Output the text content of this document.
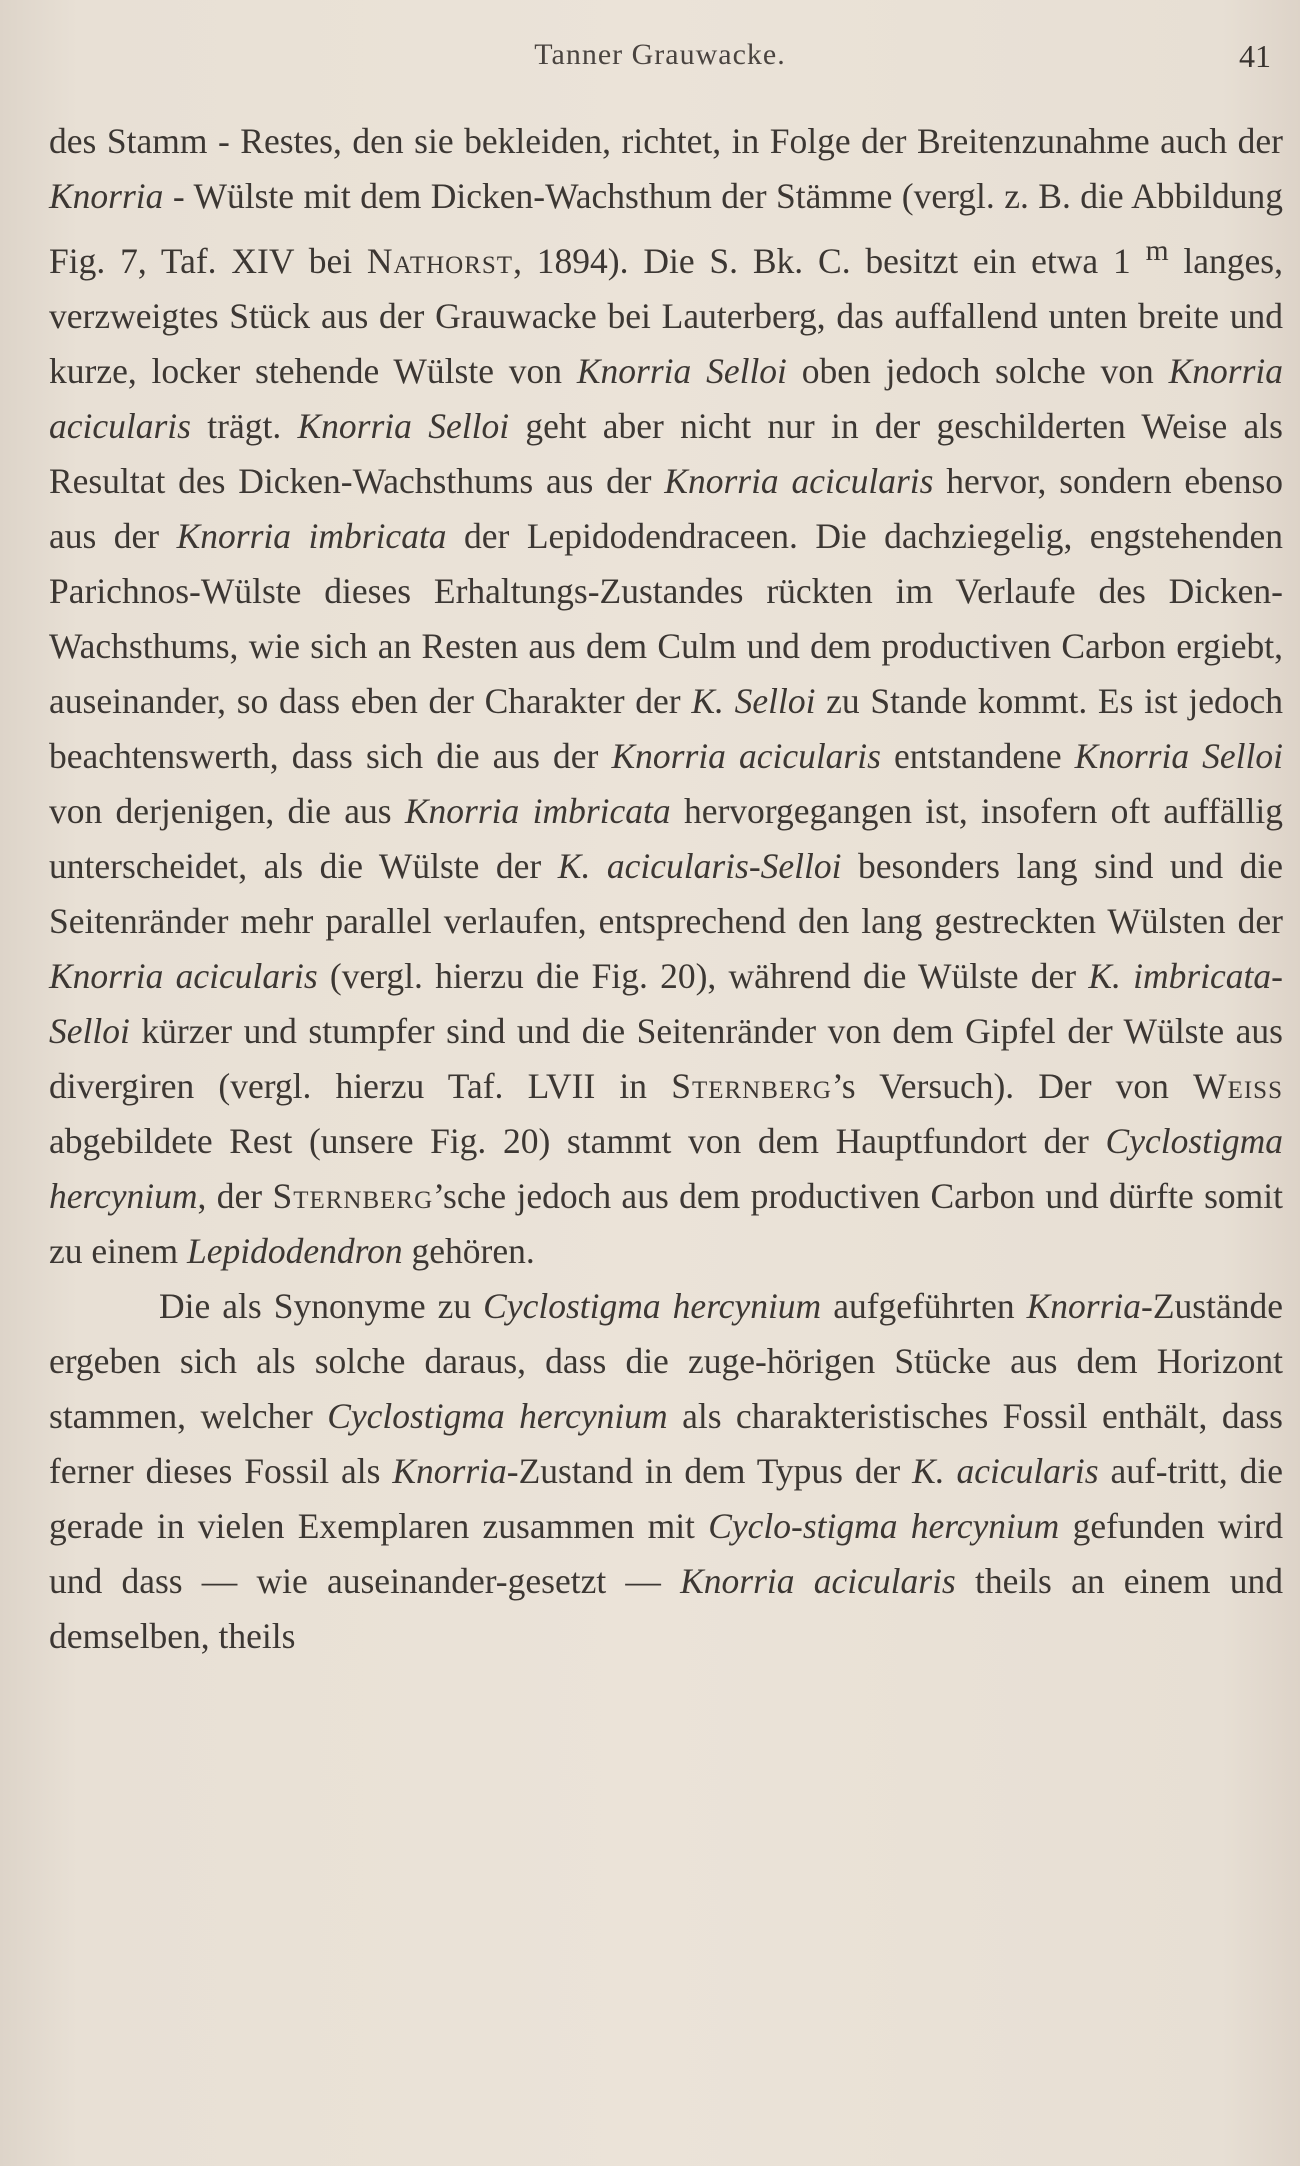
Tanner Grauwacke.	41

des Stamm - Restes, den sie bekleiden, richtet, in Folge der Breitenzunahme auch der Knorria - Wülste mit dem Dicken-Wachsthum der Stämme (vergl. z. B. die Abbildung Fig. 7, Taf. XIV bei Nathorst, 1894). Die S. Bk. C. besitzt ein etwa 1 $^m$ langes, verzweigtes Stück aus der Grauwacke bei Lauterberg, das auffallend unten breite und kurze, locker stehende Wülste von Knorria Selloi oben jedoch solche von Knorria acicularis trägt. Knorria Selloi geht aber nicht nur in der geschilderten Weise als Resultat des Dicken-Wachsthums aus der Knorria acicularis hervor, sondern ebenso aus der Knorria imbricata der Lepidodendraceen. Die dachziegelig, engstehenden Parichnos-Wülste dieses Erhaltungs-Zustandes rückten im Verlaufe des Dicken-Wachsthums, wie sich an Resten aus dem Culm und dem productiven Carbon ergiebt, auseinander, so dass eben der Charakter der K. Selloi zu Stande kommt. Es ist jedoch beachtenswerth, dass sich die aus der Knorria acicularis entstandene Knorria Selloi von derjenigen, die aus Knorria imbricata hervorgegangen ist, insofern oft auffällig unterscheidet, als die Wülste der K. acicularis-Selloi besonders lang sind und die Seitenränder mehr parallel verlaufen, entsprechend den lang gestreckten Wülsten der Knorria acicularis (vergl. hierzu die Fig. 20), während die Wülste der K. imbricata-Selloi kürzer und stumpfer sind und die Seitenränder von dem Gipfel der Wülste aus divergiren (vergl. hierzu Taf. LVII in Sternberg’s Versuch). Der von Weiss abgebildete Rest (unsere Fig. 20) stammt von dem Hauptfundort der Cyclostigma hercynium, der Sternberg’sche jedoch aus dem productiven Carbon und dürfte somit zu einem Lepidodendron gehören.

Die als Synonyme zu Cyclostigma hercynium aufgeführten Knorria-Zustände ergeben sich als solche daraus, dass die zuge-hörigen Stücke aus dem Horizont stammen, welcher Cyclostigma hercynium als charakteristisches Fossil enthält, dass ferner dieses Fossil als Knorria-Zustand in dem Typus der K. acicularis auf-tritt, die gerade in vielen Exemplaren zusammen mit Cyclo-stigma hercynium gefunden wird und dass — wie auseinander-gesetzt — Knorria acicularis theils an einem und demselben, theils
